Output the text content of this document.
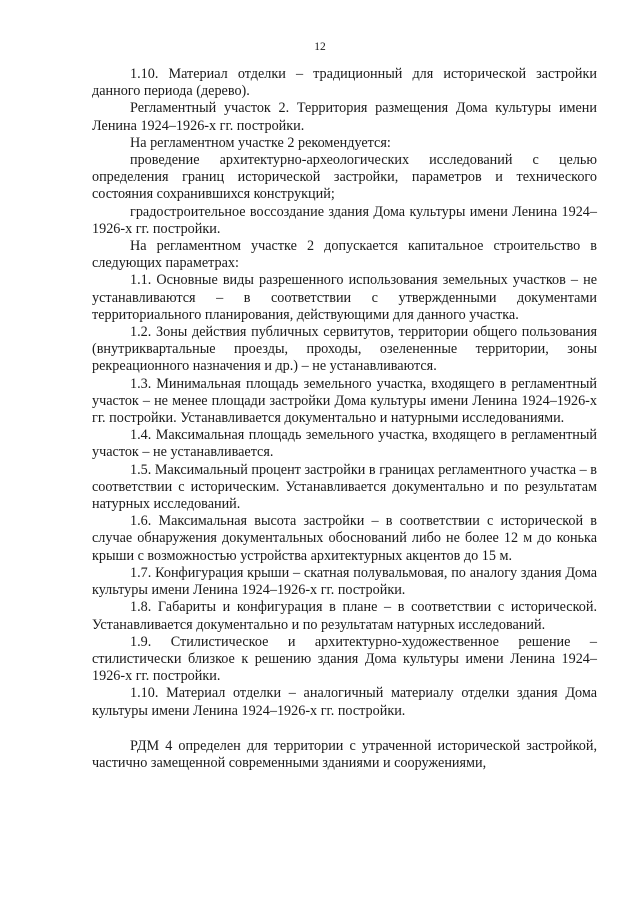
12

1.10. Материал отделки – традиционный для исторической застройки данного периода (дерево).

Регламентный участок 2. Территория размещения Дома культуры имени Ленина 1924–1926-х гг. постройки.

На регламентном участке 2 рекомендуется:

проведение архитектурно-археологических исследований с целью определения границ исторической застройки, параметров и технического состояния сохранившихся конструкций;

градостроительное воссоздание здания Дома культуры имени Ленина 1924–1926-х гг. постройки.

На регламентном участке 2 допускается капитальное строительство в следующих параметрах:

1.1. Основные виды разрешенного использования земельных участков – не устанавливаются – в соответствии с утвержденными документами территориального планирования, действующими для данного участка.

1.2. Зоны действия публичных сервитутов, территории общего пользования (внутриквартальные проезды, проходы, озелененные территории, зоны рекреационного назначения и др.) – не устанавливаются.

1.3. Минимальная площадь земельного участка, входящего в регламентный участок – не менее площади застройки Дома культуры имени Ленина 1924–1926-х гг. постройки. Устанавливается документально и натурными исследованиями.

1.4. Максимальная площадь земельного участка, входящего в регламентный участок – не устанавливается.

1.5. Максимальный процент застройки в границах регламентного участка – в соответствии с историческим. Устанавливается документально и по результатам натурных исследований.

1.6. Максимальная высота застройки – в соответствии с исторической в случае обнаружения документальных обоснований либо не более 12 м до конька крыши с возможностью устройства архитектурных акцентов до 15 м.

1.7. Конфигурация крыши – скатная полувальмовая, по аналогу здания Дома культуры имени Ленина 1924–1926-х гг. постройки.

1.8. Габариты и конфигурация в плане – в соответствии с исторической. Устанавливается документально и по результатам натурных исследований.

1.9. Стилистическое и архитектурно-художественное решение – стилистически близкое к решению здания Дома культуры имени Ленина 1924–1926-х гг. постройки.

1.10. Материал отделки – аналогичный материалу отделки здания Дома культуры имени Ленина 1924–1926-х гг. постройки.

РДМ 4 определен для территории с утраченной исторической застройкой, частично замещенной современными зданиями и сооружениями,
